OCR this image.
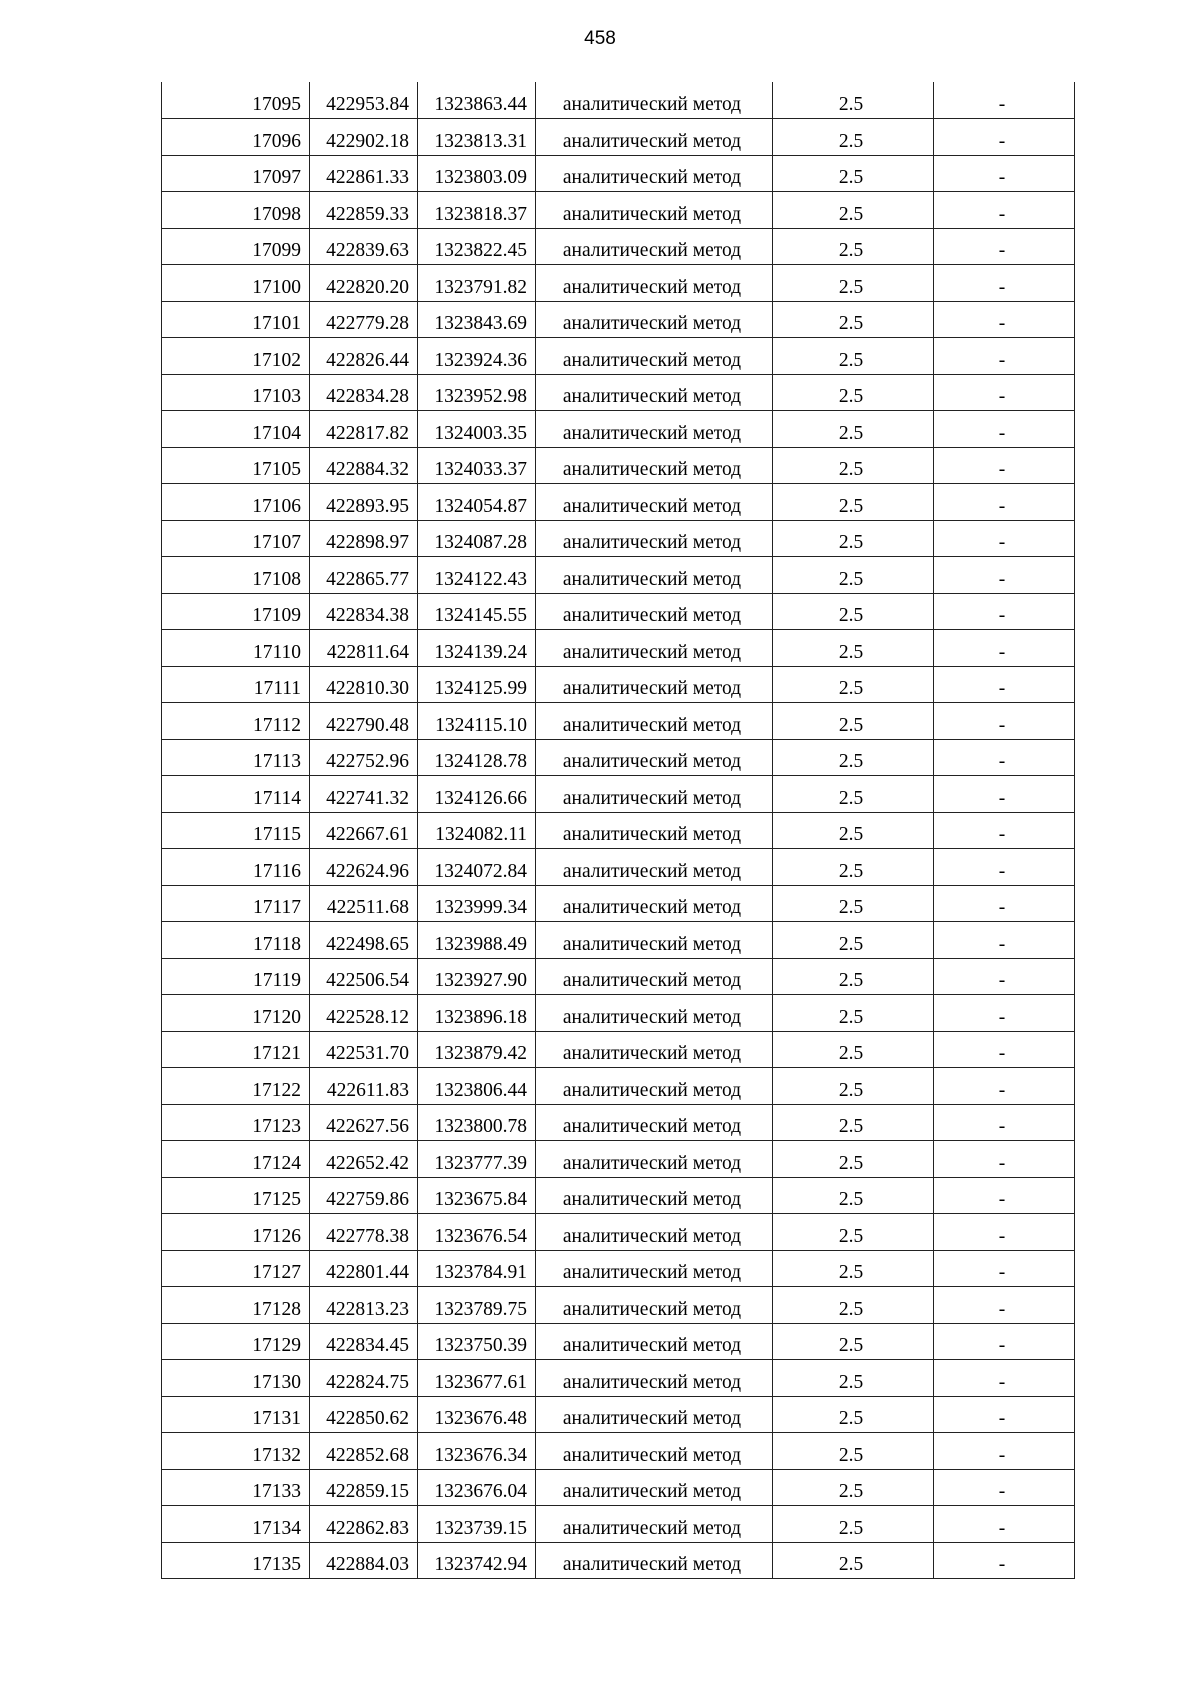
458
17095	422953.84	1323863.44	аналитический метод	2.5	-
17096	422902.18	1323813.31	аналитический метод	2.5	-
17097	422861.33	1323803.09	аналитический метод	2.5	-
17098	422859.33	1323818.37	аналитический метод	2.5	-
17099	422839.63	1323822.45	аналитический метод	2.5	-
17100	422820.20	1323791.82	аналитический метод	2.5	-
17101	422779.28	1323843.69	аналитический метод	2.5	-
17102	422826.44	1323924.36	аналитический метод	2.5	-
17103	422834.28	1323952.98	аналитический метод	2.5	-
17104	422817.82	1324003.35	аналитический метод	2.5	-
17105	422884.32	1324033.37	аналитический метод	2.5	-
17106	422893.95	1324054.87	аналитический метод	2.5	-
17107	422898.97	1324087.28	аналитический метод	2.5	-
17108	422865.77	1324122.43	аналитический метод	2.5	-
17109	422834.38	1324145.55	аналитический метод	2.5	-
17110	422811.64	1324139.24	аналитический метод	2.5	-
17111	422810.30	1324125.99	аналитический метод	2.5	-
17112	422790.48	1324115.10	аналитический метод	2.5	-
17113	422752.96	1324128.78	аналитический метод	2.5	-
17114	422741.32	1324126.66	аналитический метод	2.5	-
17115	422667.61	1324082.11	аналитический метод	2.5	-
17116	422624.96	1324072.84	аналитический метод	2.5	-
17117	422511.68	1323999.34	аналитический метод	2.5	-
17118	422498.65	1323988.49	аналитический метод	2.5	-
17119	422506.54	1323927.90	аналитический метод	2.5	-
17120	422528.12	1323896.18	аналитический метод	2.5	-
17121	422531.70	1323879.42	аналитический метод	2.5	-
17122	422611.83	1323806.44	аналитический метод	2.5	-
17123	422627.56	1323800.78	аналитический метод	2.5	-
17124	422652.42	1323777.39	аналитический метод	2.5	-
17125	422759.86	1323675.84	аналитический метод	2.5	-
17126	422778.38	1323676.54	аналитический метод	2.5	-
17127	422801.44	1323784.91	аналитический метод	2.5	-
17128	422813.23	1323789.75	аналитический метод	2.5	-
17129	422834.45	1323750.39	аналитический метод	2.5	-
17130	422824.75	1323677.61	аналитический метод	2.5	-
17131	422850.62	1323676.48	аналитический метод	2.5	-
17132	422852.68	1323676.34	аналитический метод	2.5	-
17133	422859.15	1323676.04	аналитический метод	2.5	-
17134	422862.83	1323739.15	аналитический метод	2.5	-
17135	422884.03	1323742.94	аналитический метод	2.5	-
